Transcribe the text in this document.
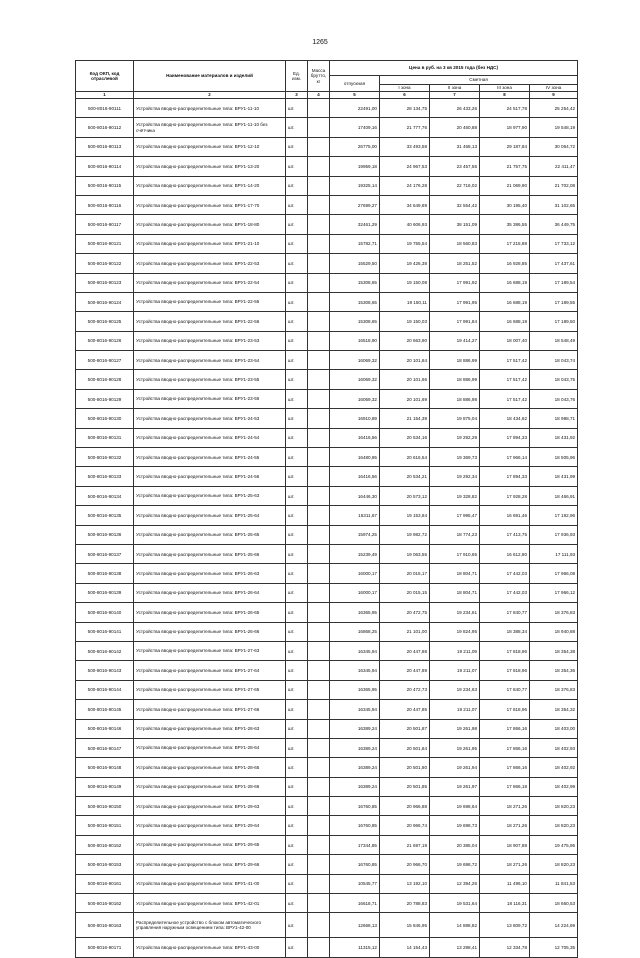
1265
Код ОКП, код отраслевой	Наименование материалов и изделий	Ед. изм.	Масса брутто, кг	Цена в руб. на 3 кв 2015 года (без НДС)				
				отпускная	Сметная			
					I зона	II зона	III зона	IV зона
1	2	3	4	5	6	7	8	9
500-8016-90111	Устройства вводно-распределительные типа: ВРУ1-11-10	шт.		22491,00	28 134,75	26 433,26	24 517,78	25 254,42
500-8016-90112	Устройства вводно-распределительные типа: ВРУ1-11-10 без счётчика	шт.		17409,16	21 777,76	20 460,88	18 977,90	19 548,19
500-8016-90113	Устройства вводно-распределительные типа: ВРУ1-12-10	шт.		26775,00	33 493,58	31 468,13	29 187,84	30 064,72
500-8016-90114	Устройства вводно-распределительные типа: ВРУ1-13-20	шт.		19959,18	24 967,53	23 457,55	21 757,75	22 411,47
500-8016-90115	Устройства вводно-распределительные типа: ВРУ1-14-20	шт.		19325,14	24 176,28	22 716,02	21 069,90	21 702,08
500-8016-90116	Устройства вводно-распределительные типа: ВРУ1-17-70	шт.		27699,27	34 649,89	32 554,42	30 195,40	31 102,65
500-8016-90117	Устройства вводно-распределительные типа: ВРУ1-18-80	шт.		32461,29	40 606,93	38 151,09	35 386,55	36 449,75
500-8016-90121	Устройства вводно-распределительные типа: ВРУ1-21-10	шт.		15782,71	19 755,54	18 560,83	17 215,88	17 733,12
500-8016-90122	Устройства вводно-распределительные типа: ВРУ1-22-53	шт.		15529,50	19 426,38	18 251,52	16 928,85	17 437,61
500-8016-90123	Устройства вводно-распределительные типа: ВРУ1-22-54	шт.		15308,65	19 150,08	17 991,92	16 688,19	17 189,54
500-8016-90124	Устройства вводно-распределительные типа: ВРУ1-22-55	шт.		15308,65	19 150,11	17 991,95	16 688,19	17 189,55
500-8016-90125	Устройства вводно-распределительные типа: ВРУ1-22-56	шт.		15308,65	19 150,03	17 991,84	16 688,19	17 189,50
500-8016-90126	Устройства вводно-распределительные типа: ВРУ1-23-53	шт.		16518,90	20 663,90	19 414,27	18 007,40	18 548,49
500-8016-90127	Устройства вводно-распределительные типа: ВРУ1-23-54	шт.		16069,32	20 101,84	18 886,99	17 517,42	18 043,74
500-8016-90128	Устройства вводно-распределительные типа: ВРУ1-23-55	шт.		16069,32	20 101,66	18 886,99	17 517,42	18 043,75
500-8016-90129	Устройства вводно-распределительные типа: ВРУ1-23-56	шт.		16069,32	20 101,69	18 886,98	17 517,42	18 043,76
500-8016-90130	Устройства вводно-распределительные типа: ВРУ1-24-53	шт.		16910,89	21 154,39	19 875,04	18 434,62	18 988,71
500-8016-90131	Устройства вводно-распределительные типа: ВРУ1-24-54	шт.		16416,56	20 534,16	19 292,29	17 894,33	18 431,92
500-8016-90132	Устройства вводно-распределительные типа: ВРУ1-24-55	шт.		16480,95	20 616,54	19 369,73	17 966,14	18 505,96
500-8016-90133	Устройства вводно-распределительные типа: ВРУ1-24-56	шт.		16416,56	20 534,21	19 292,34	17 894,33	18 431,99
500-8016-90134	Устройства вводно-распределительные типа: ВРУ1-25-63	шт.		16446,30	20 573,12	19 328,82	17 928,28	18 466,91
500-8016-90135	Устройства вводно-распределительные типа: ВРУ1-25-64	шт.		15311,67	19 153,84	17 995,47	16 691,46	17 192,96
500-8016-90136	Устройства вводно-распределительные типа: ВРУ1-25-65	шт.		15974,25	19 982,72	18 774,23	17 413,75	17 936,93
500-8016-90137	Устройства вводно-распределительные типа: ВРУ1-25-66	шт.		15239,49	19 063,55	17 910,65	16 612,80	17 111,93
500-8016-90138	Устройства вводно-распределительные типа: ВРУ1-26-63	шт.		16000,17	20 015,17	18 804,71	17 442,03	17 966,08
500-8016-90139	Устройства вводно-распределительные типа: ВРУ1-26-64	шт.		16000,17	20 015,15	18 804,71	17 442,03	17 966,12
500-8016-90140	Устройства вводно-распределительные типа: ВРУ1-26-65	шт.		16365,95	20 472,75	19 234,61	17 840,77	18 376,83
500-8016-90141	Устройства вводно-распределительные типа: ВРУ1-26-66	шт.		16868,25	21 101,00	19 824,95	18 388,34	18 940,88
500-8016-90142	Устройства вводно-распределительные типа: ВРУ1-27-63	шт.		16345,94	20 447,88	19 211,09	17 818,96	18 354,38
500-8016-90143	Устройства вводно-распределительные типа: ВРУ1-27-64	шт.		16345,94	20 447,89	19 211,07	17 818,96	18 354,36
500-8016-90144	Устройства вводно-распределительные типа: ВРУ1-27-65	шт.		16365,95	20 472,73	19 234,63	17 840,77	18 376,83
500-8016-90145	Устройства вводно-распределительные типа: ВРУ1-27-66	шт.		16345,94	20 447,85	19 211,07	17 818,96	18 354,32
500-8016-90146	Устройства вводно-распределительные типа: ВРУ1-28-63	шт.		16389,24	20 501,87	19 261,98	17 866,16	18 403,00
500-8016-90147	Устройства вводно-распределительные типа: ВРУ1-28-64	шт.		16389,24	20 501,84	19 261,95	17 866,16	18 402,93
500-8016-90148	Устройства вводно-распределительные типа: ВРУ1-28-65	шт.		16389,24	20 501,80	19 261,94	17 866,16	18 402,92
500-8016-90149	Устройства вводно-распределительные типа: ВРУ1-28-66	шт.		16389,24	20 501,85	19 261,97	17 866,18	18 402,99
500-8016-90150	Устройства вводно-распределительные типа: ВРУ1-29-63	шт.		16760,85	20 966,88	19 698,64	18 271,26	18 820,23
500-8016-90151	Устройства вводно-распределительные типа: ВРУ1-29-64	шт.		16760,85	20 966,74	19 698,73	18 271,26	18 820,23
500-8016-90152	Устройства вводно-распределительные типа: ВРУ1-29-65	шт.		17344,85	21 697,19	20 385,04	18 907,88	19 475,95
500-8016-90153	Устройства вводно-распределительные типа: ВРУ1-29-66	шт.		16760,85	20 966,70	19 698,72	18 271,26	18 820,23
500-8016-90161	Устройства вводно-распределительные типа: ВРУ1-41-00	шт.		10545,77	13 192,10	12 394,26	11 496,10	11 841,53
500-8016-90162	Устройства вводно-распределительные типа: ВРУ1-42-01	шт.		16618,71	20 788,83	19 531,64	18 116,31	18 660,53
500-8016-90163	Распределительное устройство с блоком автоматического управления наружным освещением типа: ВРУ1-42-00	шт.		12668,13	15 846,95	14 888,82	13 809,72	14 224,69
500-8016-90171	Устройства вводно-распределительные типа: ВРУ1-43-00	шт.		11315,12	14 154,43	13 298,41	12 334,78	12 705,35
